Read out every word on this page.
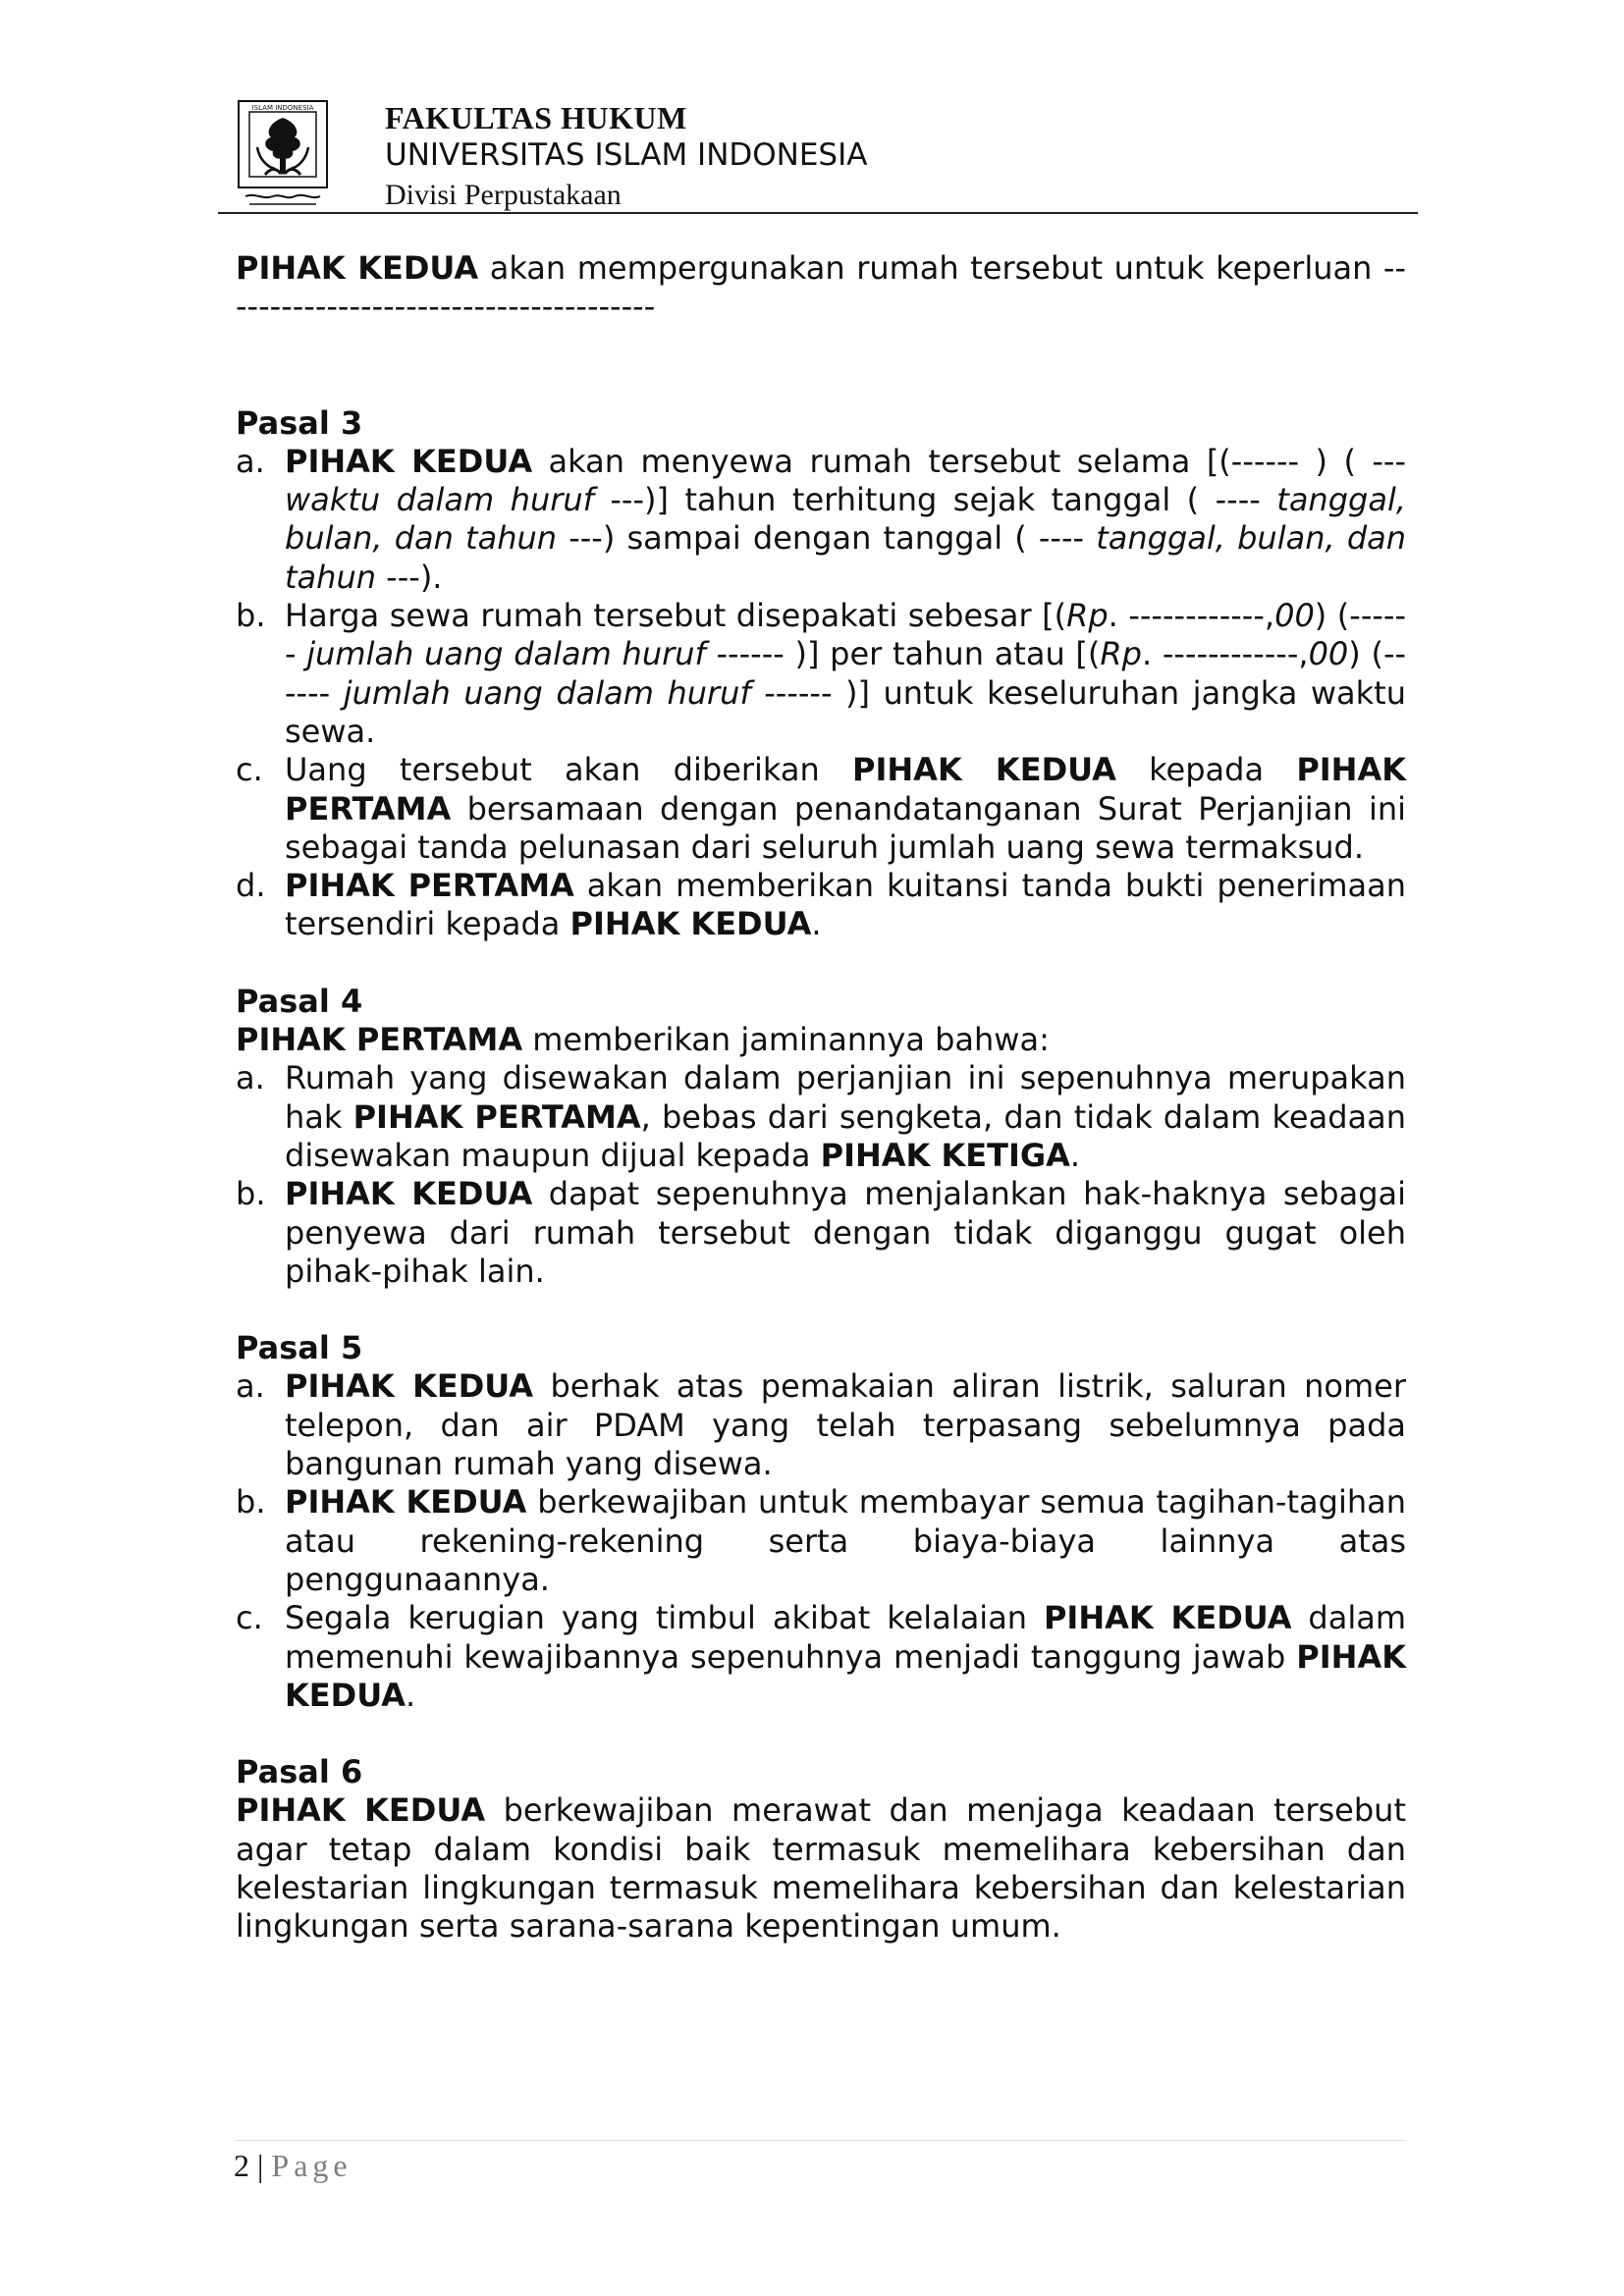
ISLAM INDONESIA FAKULTAS HUKUM
UNIVERSITAS ISLAM INDONESIA
Divisi Perpustakaan

PIHAK KEDUA akan mempergunakan rumah tersebut untuk keperluan ---------------------------------------

Pasal 3

a. PIHAK KEDUA akan menyewa rumah tersebut selama [(------ ) ( --- waktu dalam huruf ---)] tahun terhitung sejak tanggal ( ---- tanggal, bulan, dan tahun ---) sampai dengan tanggal ( ---- tanggal, bulan, dan tahun ---).
b. Harga sewa rumah tersebut disepakati sebesar [(Rp. ------------,00) (------ jumlah uang dalam huruf ------ )] per tahun atau [(Rp. ------------,00) (------ jumlah uang dalam huruf ------ )] untuk keseluruhan jangka waktu sewa.
c. Uang tersebut akan diberikan PIHAK KEDUA kepada PIHAK PERTAMA bersamaan dengan penandatanganan Surat Perjanjian ini sebagai tanda pelunasan dari seluruh jumlah uang sewa termaksud.
d. PIHAK PERTAMA akan memberikan kuitansi tanda bukti penerimaan tersendiri kepada PIHAK KEDUA.

Pasal 4

PIHAK PERTAMA memberikan jaminannya bahwa:

a. Rumah yang disewakan dalam perjanjian ini sepenuhnya merupakan hak PIHAK PERTAMA, bebas dari sengketa, dan tidak dalam keadaan disewakan maupun dijual kepada PIHAK KETIGA.
b. PIHAK KEDUA dapat sepenuhnya menjalankan hak-haknya sebagai penyewa dari rumah tersebut dengan tidak diganggu gugat oleh pihak-pihak lain.

Pasal 5

a. PIHAK KEDUA berhak atas pemakaian aliran listrik, saluran nomer telepon, dan air PDAM yang telah terpasang sebelumnya pada bangunan rumah yang disewa.
b. PIHAK KEDUA berkewajiban untuk membayar semua tagihan-tagihan atau rekening-rekening serta biaya-biaya lainnya atas penggunaannya.
c. Segala kerugian yang timbul akibat kelalaian PIHAK KEDUA dalam memenuhi kewajibannya sepenuhnya menjadi tanggung jawab PIHAK KEDUA.

Pasal 6

PIHAK KEDUA berkewajiban merawat dan menjaga keadaan tersebut agar tetap dalam kondisi baik termasuk memelihara kebersihan dan kelestarian lingkungan termasuk memelihara kebersihan dan kelestarian lingkungan serta sarana-sarana kepentingan umum.

2 | Page
